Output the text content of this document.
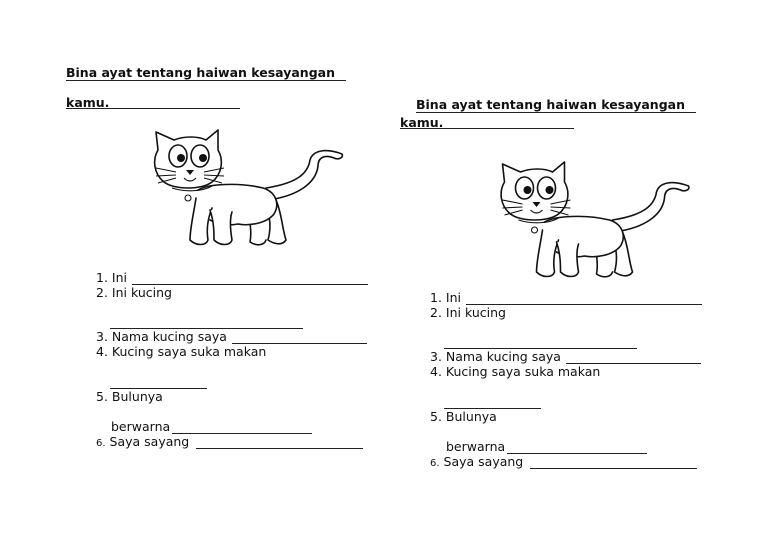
Bina ayat tentang haiwan kesayangan
kamu.
1. Ini
2. Ini kucing
3. Nama kucing saya
4. Kucing saya suka makan
5. Bulunya
berwarna
6. Saya sayang
Bina ayat tentang haiwan kesayangan
kamu.
1. Ini
2. Ini kucing
3. Nama kucing saya
4. Kucing saya suka makan
5. Bulunya
berwarna
6. Saya sayang
